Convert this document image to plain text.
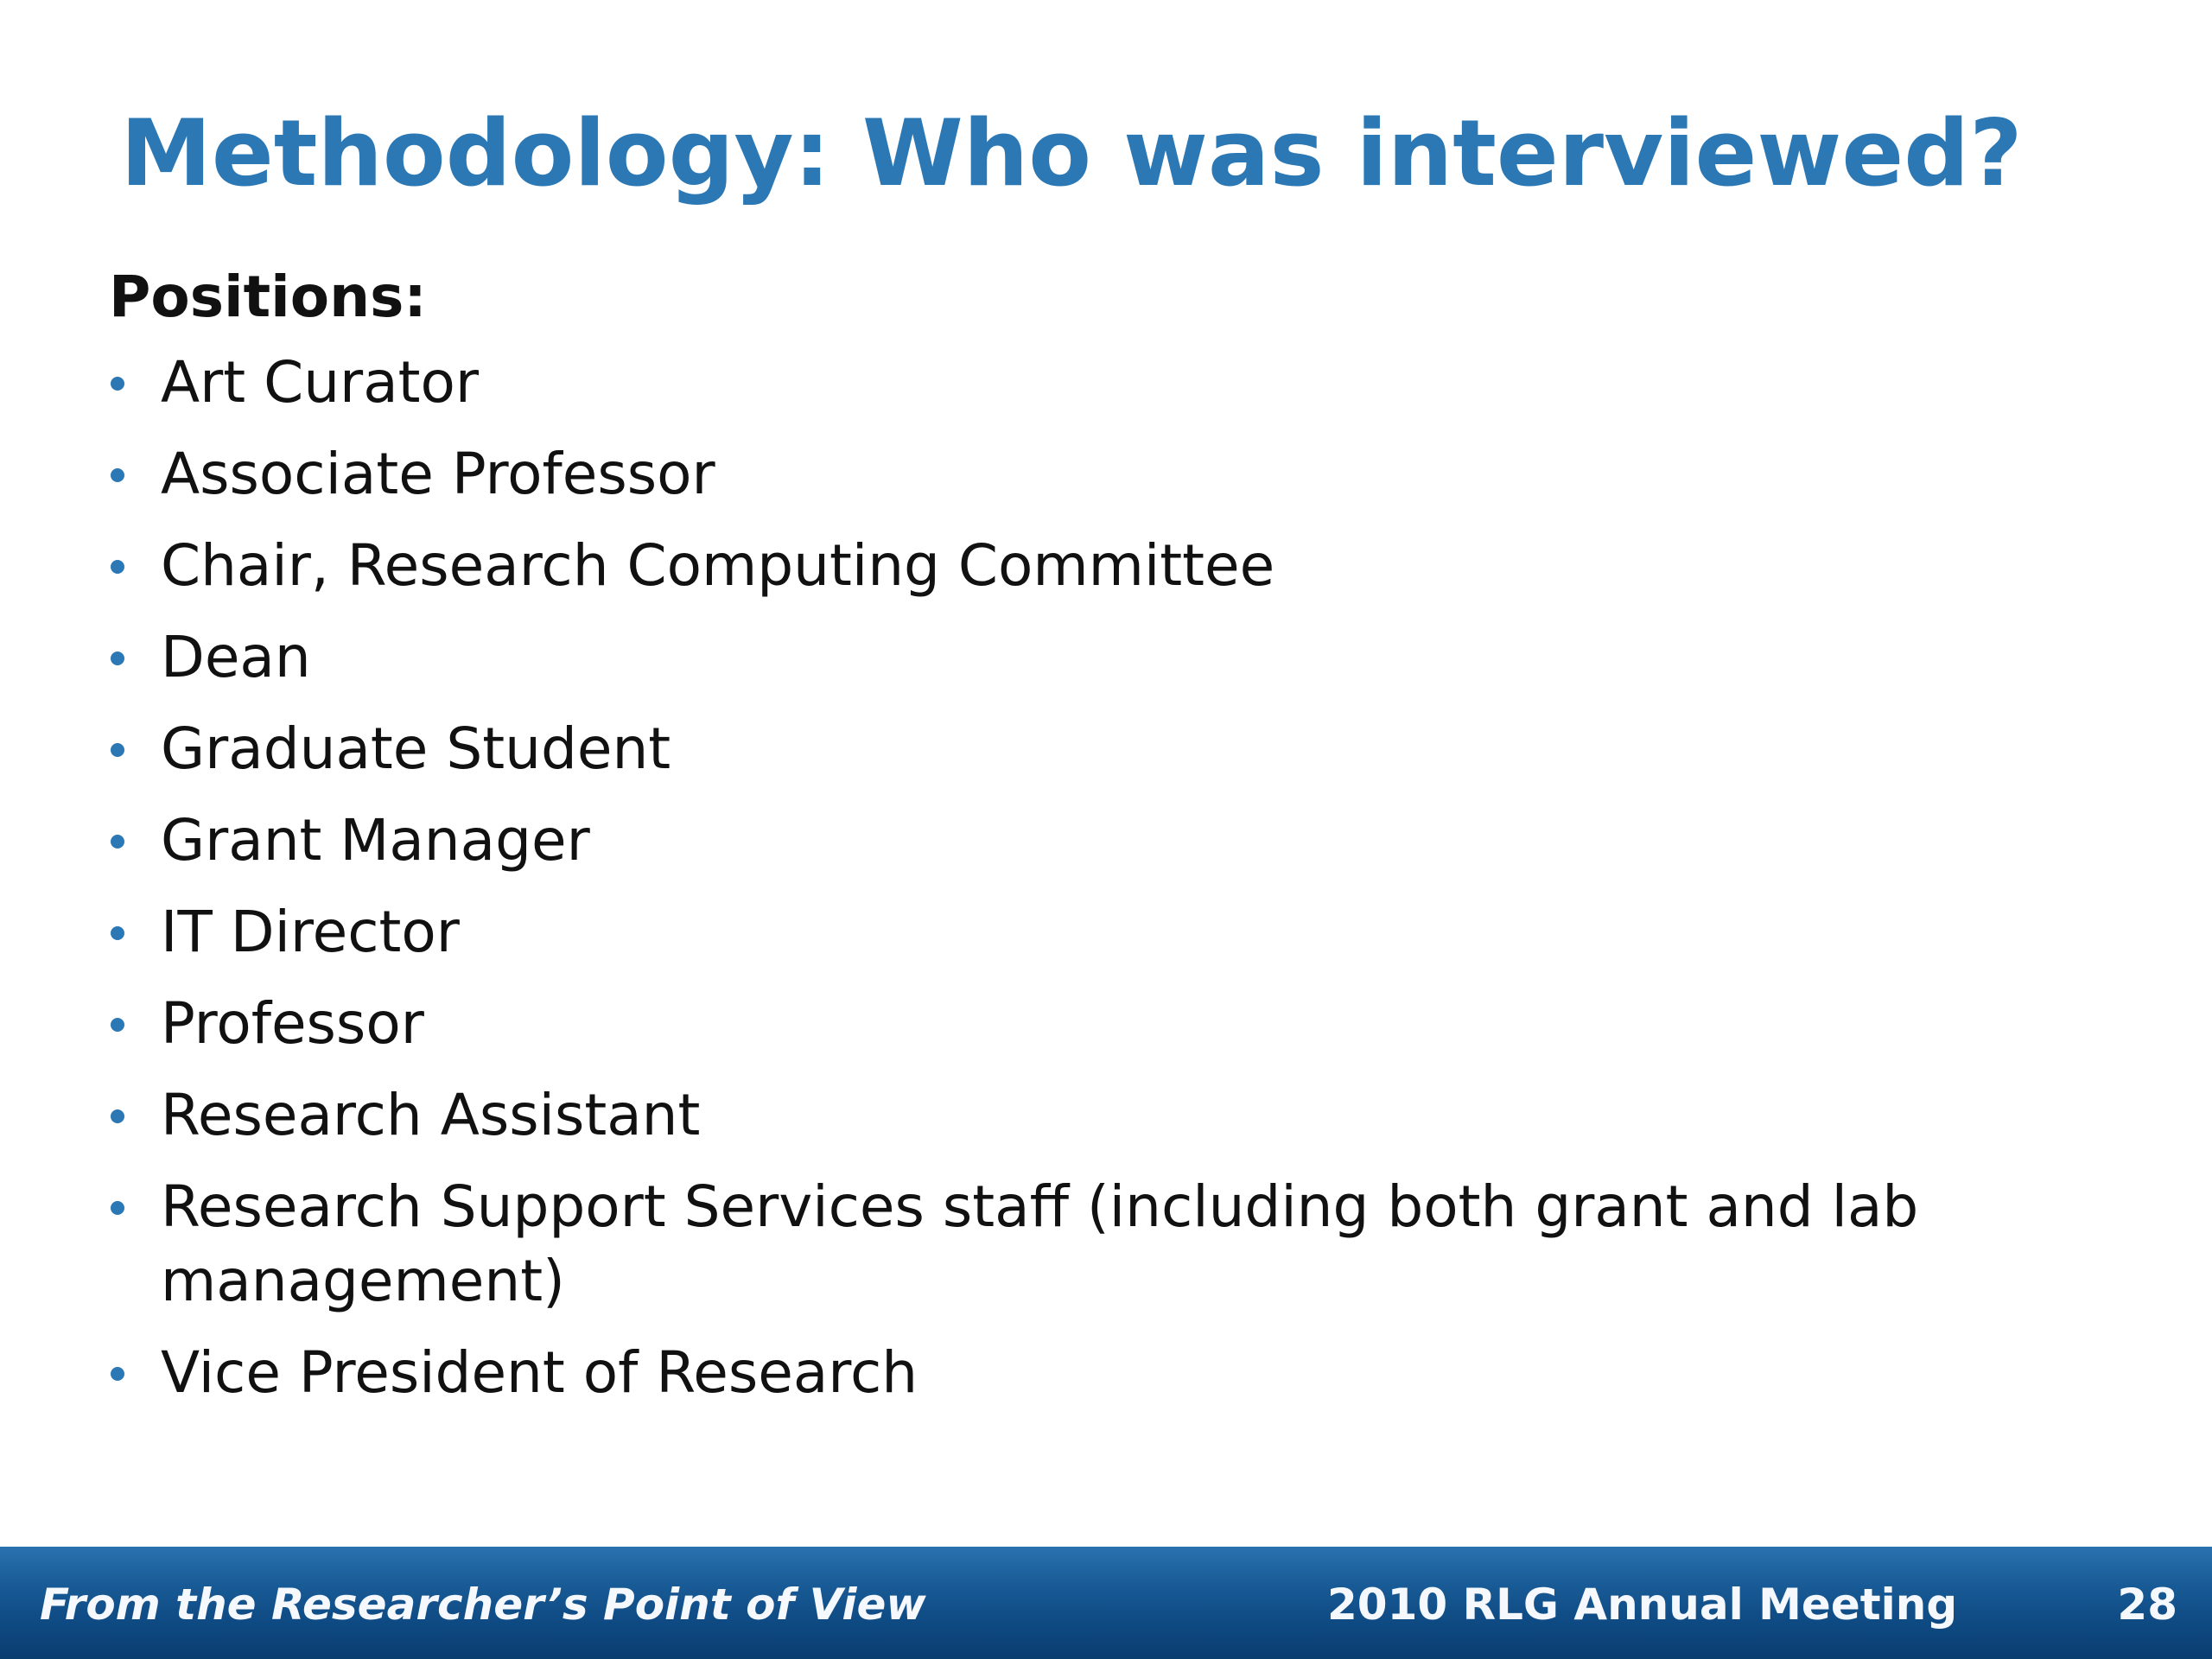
Methodology: Who was interviewed?
Positions:
Art Curator
Associate Professor
Chair, Research Computing Committee
Dean
Graduate Student
Grant Manager
IT Director
Professor
Research Assistant
Research Support Services staff (including both grant and lab management)
Vice President of Research
From the Researcher’s Point of View	2010 RLG Annual Meeting	28
